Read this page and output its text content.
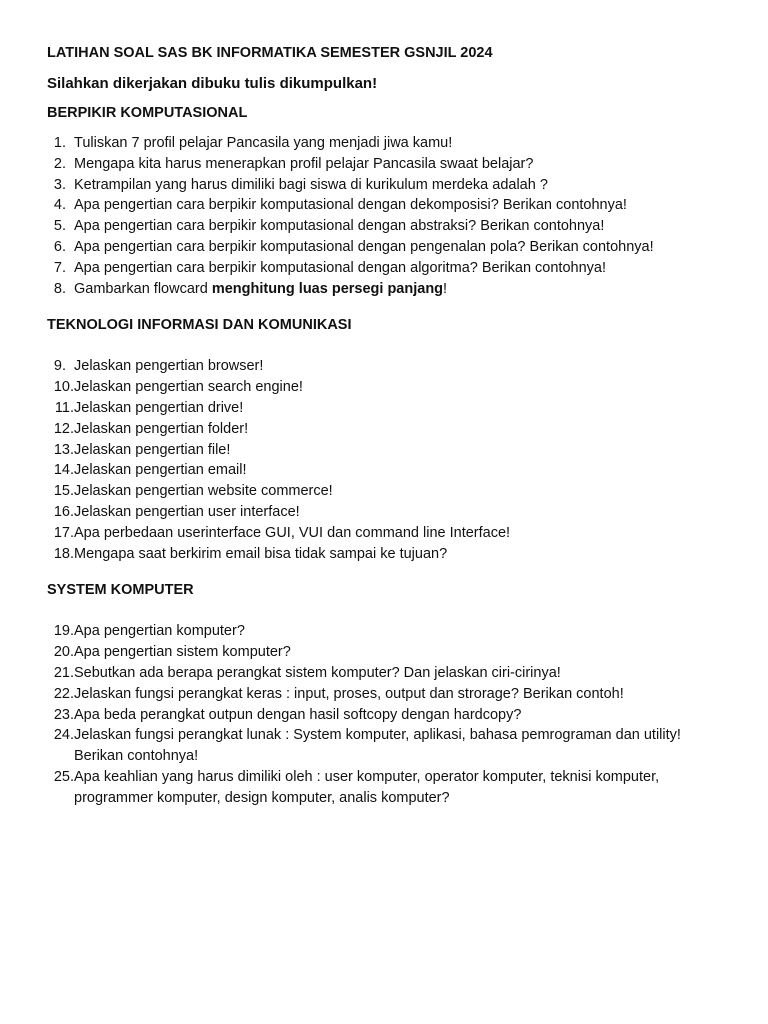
LATIHAN SOAL SAS BK INFORMATIKA SEMESTER GSNJIL 2024
Silahkan dikerjakan dibuku tulis dikumpulkan!
BERPIKIR KOMPUTASIONAL
1. Tuliskan 7 profil pelajar Pancasila yang menjadi jiwa kamu!
2. Mengapa kita harus menerapkan profil pelajar Pancasila swaat belajar?
3. Ketrampilan yang harus dimiliki bagi siswa di kurikulum merdeka adalah ?
4. Apa pengertian cara berpikir komputasional dengan dekomposisi? Berikan contohnya!
5. Apa pengertian cara berpikir komputasional dengan abstraksi? Berikan contohnya!
6. Apa pengertian cara berpikir komputasional dengan pengenalan pola? Berikan contohnya!
7. Apa pengertian cara berpikir komputasional dengan algoritma? Berikan contohnya!
8. Gambarkan flowcard menghitung luas persegi panjang!
TEKNOLOGI INFORMASI DAN KOMUNIKASI
9. Jelaskan pengertian browser!
10. Jelaskan pengertian search engine!
11. Jelaskan pengertian drive!
12. Jelaskan pengertian folder!
13. Jelaskan pengertian file!
14. Jelaskan pengertian email!
15. Jelaskan pengertian website commerce!
16. Jelaskan pengertian user interface!
17. Apa perbedaan userinterface GUI, VUI dan command line Interface!
18. Mengapa saat berkirim email bisa tidak sampai ke tujuan?
SYSTEM KOMPUTER
19. Apa pengertian komputer?
20. Apa pengertian sistem komputer?
21. Sebutkan ada berapa perangkat sistem komputer? Dan jelaskan ciri-cirinya!
22. Jelaskan fungsi perangkat keras : input, proses, output dan strorage? Berikan contoh!
23. Apa beda perangkat outpun dengan hasil softcopy dengan hardcopy?
24. Jelaskan fungsi perangkat lunak : System komputer, aplikasi, bahasa pemrograman dan utility! Berikan contohnya!
25. Apa keahlian yang harus dimiliki oleh : user komputer, operator komputer, teknisi komputer, programmer komputer, design komputer, analis komputer?
